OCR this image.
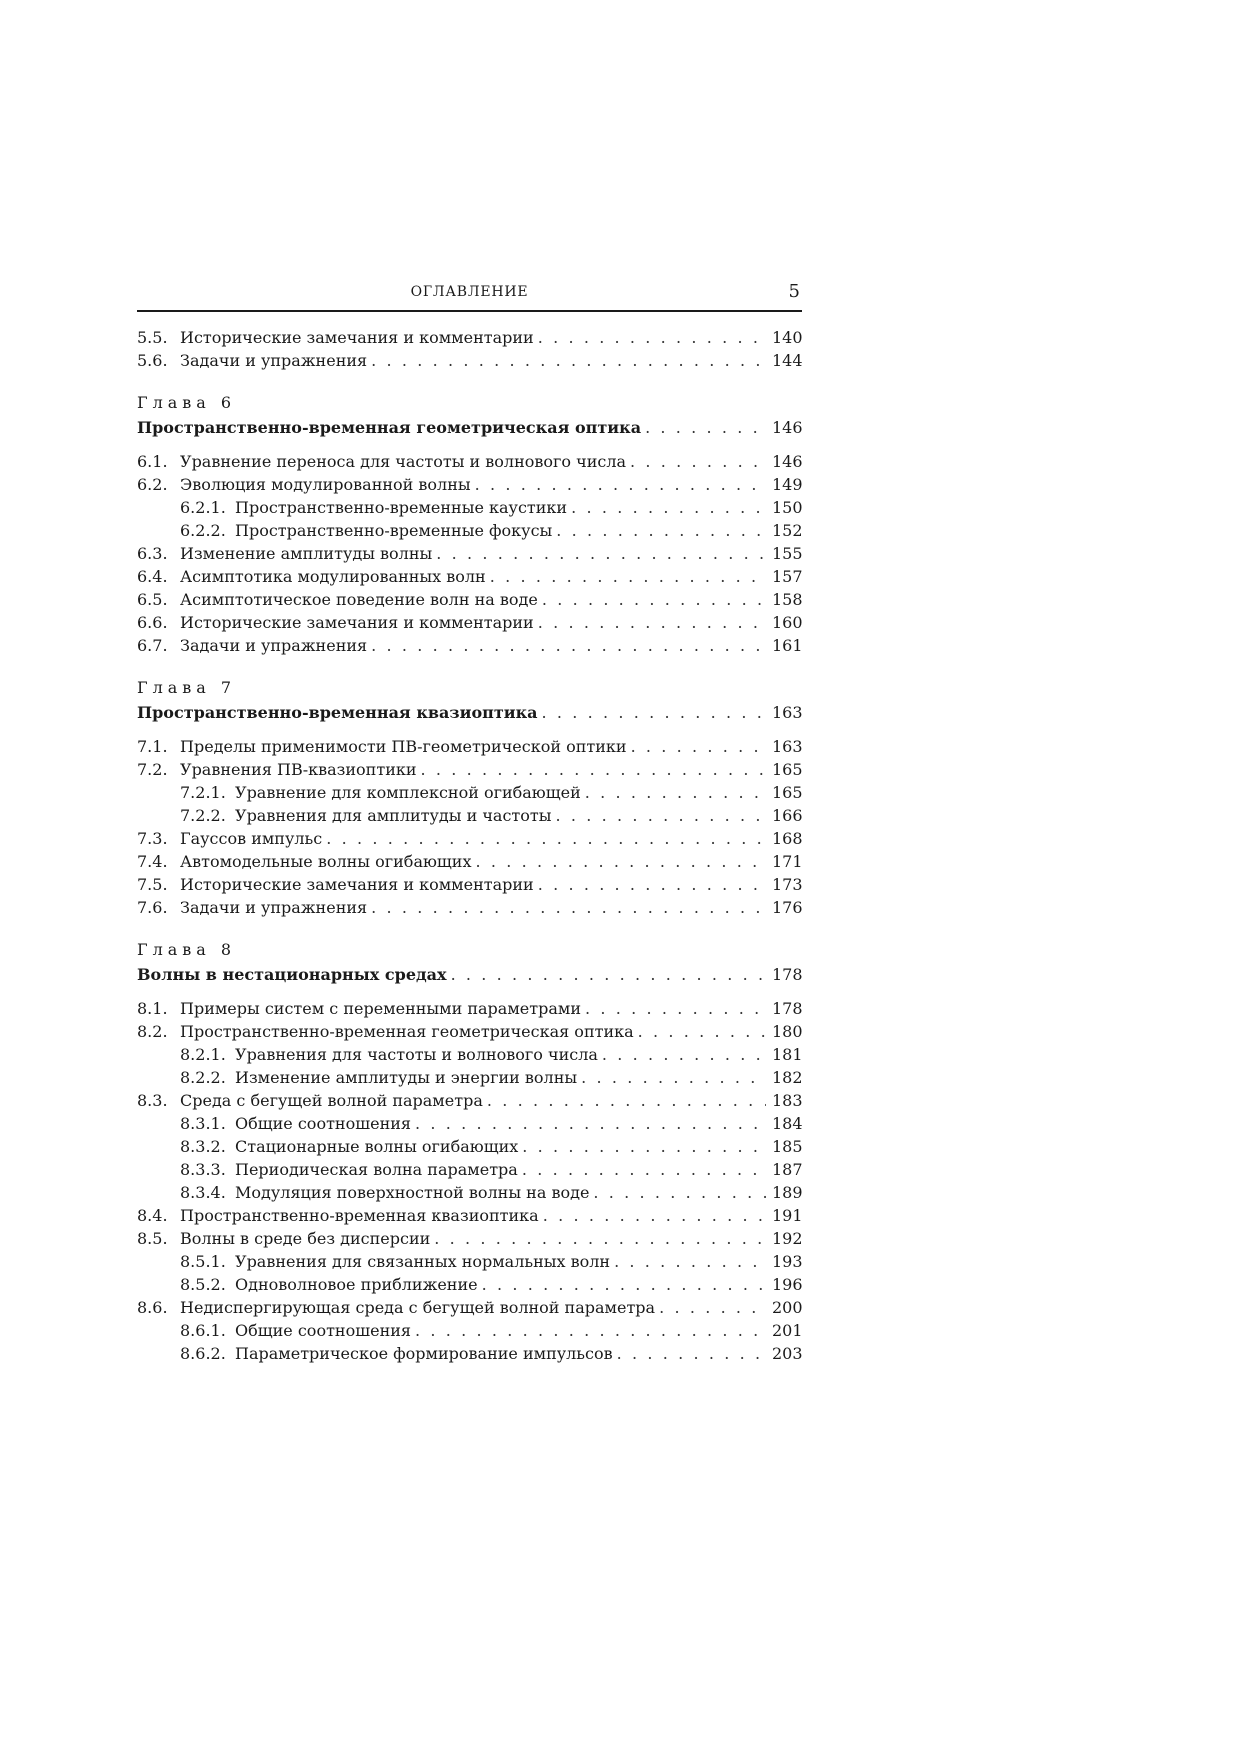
ОГЛАВЛЕНИЕ	5
5.5. Исторические замечания и комментарии . . .	140
5.6. Задачи и упражнения . . .	144
Глава 6
Пространственно-временная геометрическая оптика . . .	146
6.1. Уравнение переноса для частоты и волнового числа . . .	146
6.2. Эволюция модулированной волны . . .	149
6.2.1. Пространственно-временные каустики . . .	150
6.2.2. Пространственно-временные фокусы . . .	152
6.3. Изменение амплитуды волны . . .	155
6.4. Асимптотика модулированных волн . . .	157
6.5. Асимптотическое поведение волн на воде . . .	158
6.6. Исторические замечания и комментарии . . .	160
6.7. Задачи и упражнения . . .	161
Глава 7
Пространственно-временная квазиоптика . . .	163
7.1. Пределы применимости ПВ-геометрической оптики . . .	163
7.2. Уравнения ПВ-квазиоптики . . .	165
7.2.1. Уравнение для комплексной огибающей . . .	165
7.2.2. Уравнения для амплитуды и частоты . . .	166
7.3. Гауссов импульс . . .	168
7.4. Автомодельные волны огибающих . . .	171
7.5. Исторические замечания и комментарии . . .	173
7.6. Задачи и упражнения . . .	176
Глава 8
Волны в нестационарных средах . . .	178
8.1. Примеры систем с переменными параметрами . . .	178
8.2. Пространственно-временная геометрическая оптика . . .	180
8.2.1. Уравнения для частоты и волнового числа . . .	181
8.2.2. Изменение амплитуды и энергии волны . . .	182
8.3. Среда с бегущей волной параметра . . .	183
8.3.1. Общие соотношения . . .	184
8.3.2. Стационарные волны огибающих . . .	185
8.3.3. Периодическая волна параметра . . .	187
8.3.4. Модуляция поверхностной волны на воде . . .	189
8.4. Пространственно-временная квазиоптика . . .	191
8.5. Волны в среде без дисперсии . . .	192
8.5.1. Уравнения для связанных нормальных волн . . .	193
8.5.2. Одноволновое приближение . . .	196
8.6. Недиспергирующая среда с бегущей волной параметра . . .	200
8.6.1. Общие соотношения . . .	201
8.6.2. Параметрическое формирование импульсов . . .	203
